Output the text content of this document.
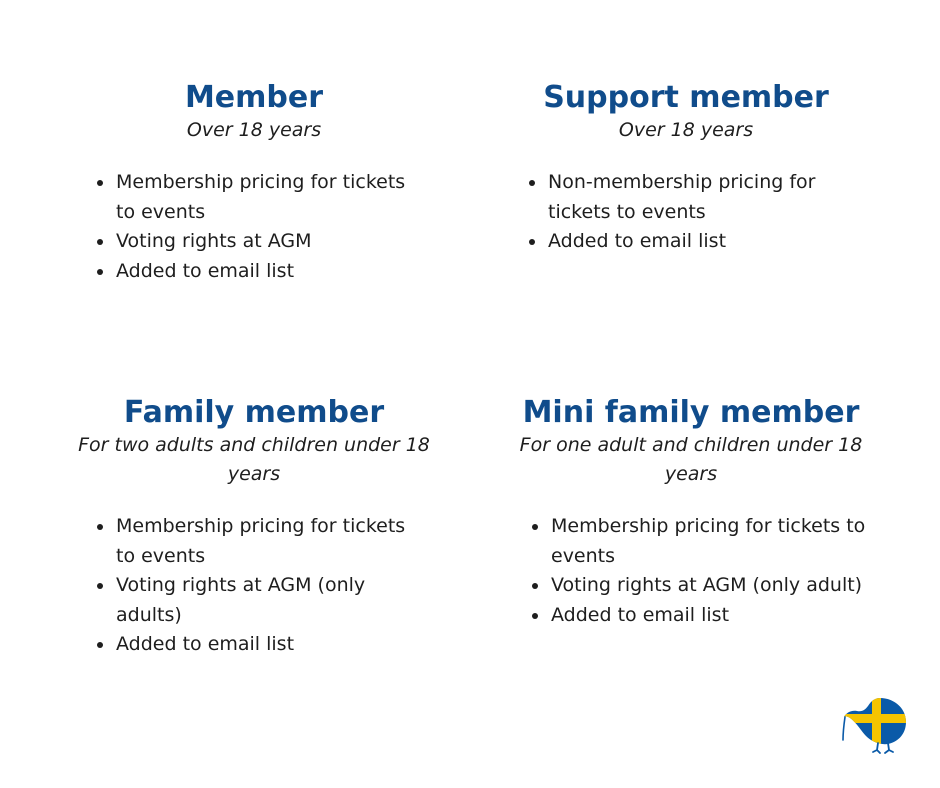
Member

Over 18 years

Membership pricing for tickets to events
Voting rights at AGM
Added to email list
Support member

Over 18 years

Non-membership pricing for tickets to events
Added to email list
Family member

For two adults and children under 18 years

Membership pricing for tickets to events
Voting rights at AGM (only adults)
Added to email list
Mini family member

For one adult and children under 18 years

Membership pricing for tickets to events
Voting rights at AGM (only adult)
Added to email list
